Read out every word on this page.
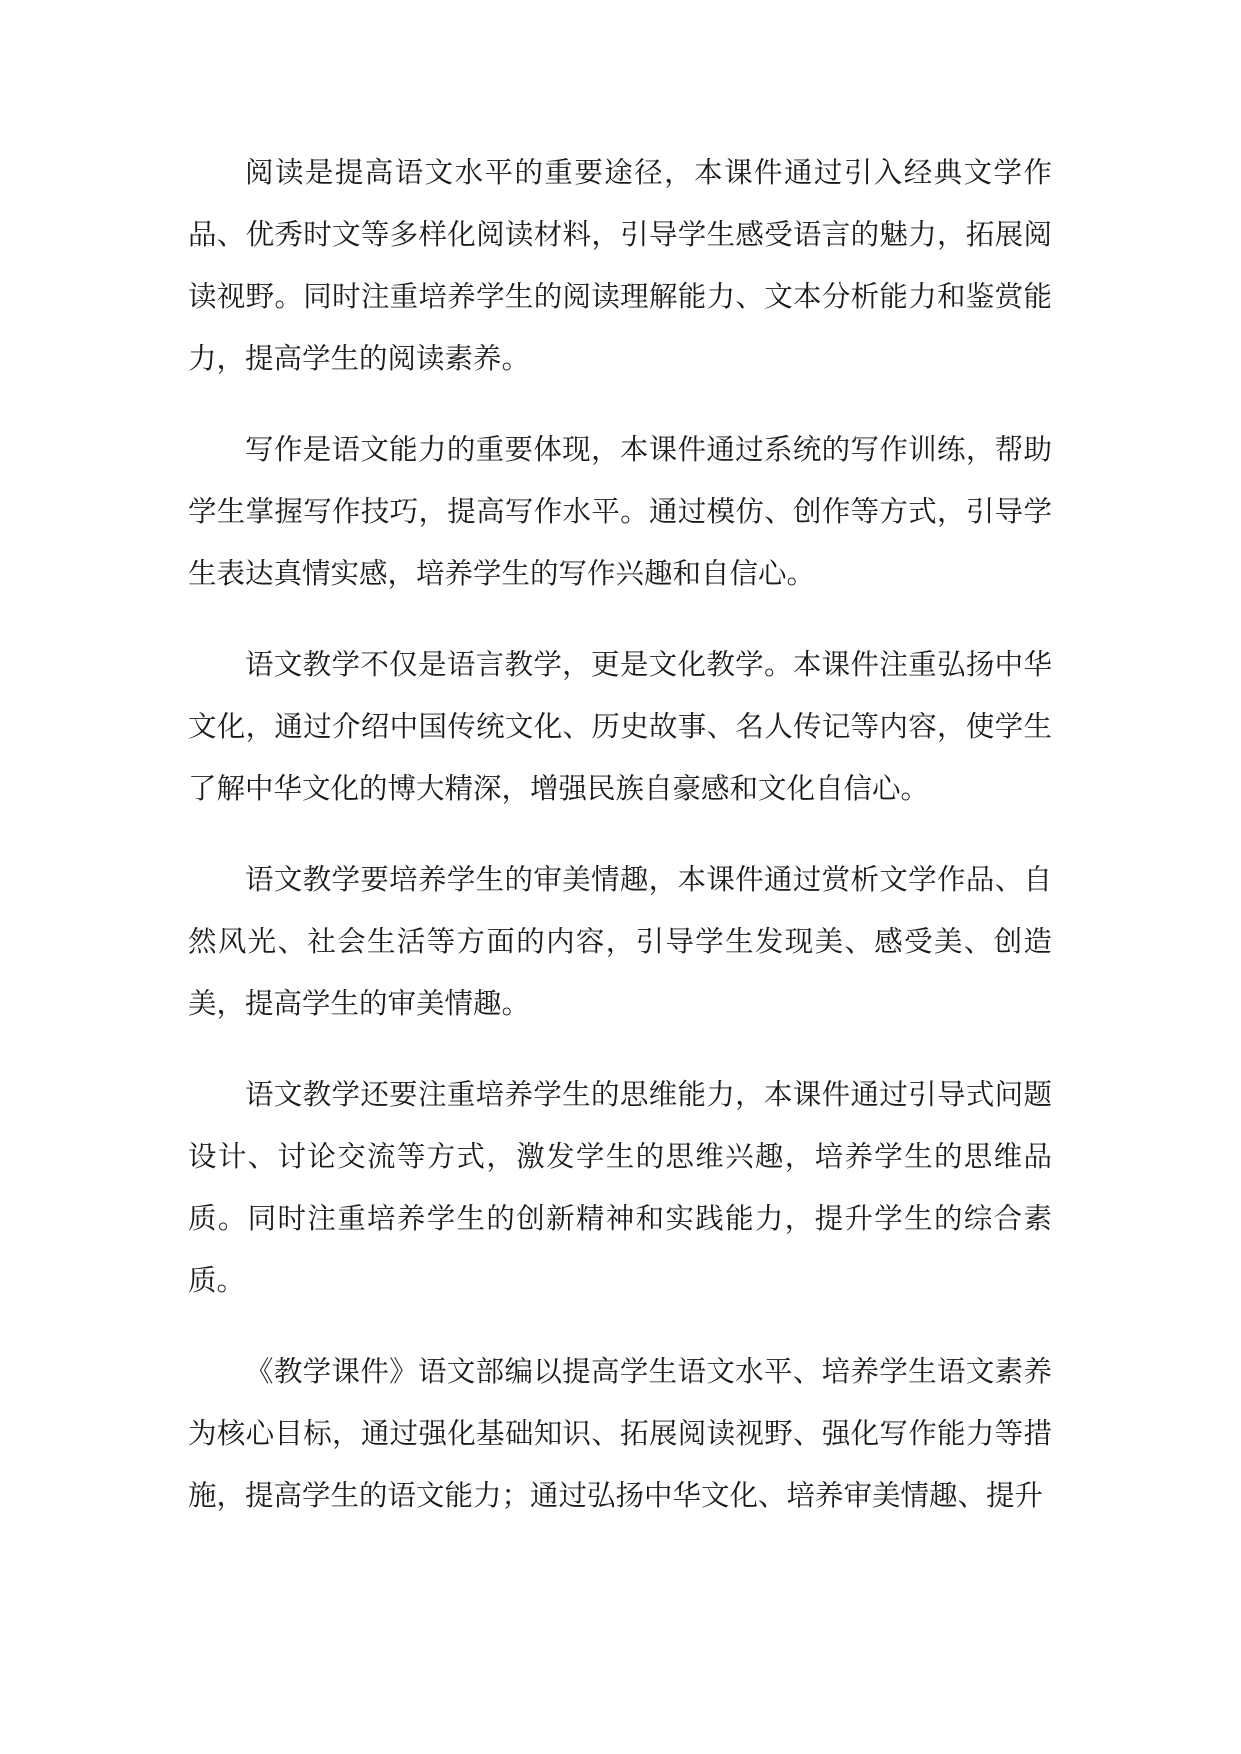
阅读是提高语文水平的重要途径，本课件通过引入经典文学作品、优秀时文等多样化阅读材料，引导学生感受语言的魅力，拓展阅读视野。同时注重培养学生的阅读理解能力、文本分析能力和鉴赏能力，提高学生的阅读素养。

写作是语文能力的重要体现，本课件通过系统的写作训练，帮助学生掌握写作技巧，提高写作水平。通过模仿、创作等方式，引导学生表达真情实感，培养学生的写作兴趣和自信心。

语文教学不仅是语言教学，更是文化教学。本课件注重弘扬中华文化，通过介绍中国传统文化、历史故事、名人传记等内容，使学生了解中华文化的博大精深，增强民族自豪感和文化自信心。

语文教学要培养学生的审美情趣，本课件通过赏析文学作品、自然风光、社会生活等方面的内容，引导学生发现美、感受美、创造美，提高学生的审美情趣。

语文教学还要注重培养学生的思维能力，本课件通过引导式问题设计、讨论交流等方式，激发学生的思维兴趣，培养学生的思维品质。同时注重培养学生的创新精神和实践能力，提升学生的综合素质。

《教学课件》语文部编以提高学生语文水平、培养学生语文素养为核心目标，通过强化基础知识、拓展阅读视野、强化写作能力等措施，提高学生的语文能力；通过弘扬中华文化、培养审美情趣、提升
